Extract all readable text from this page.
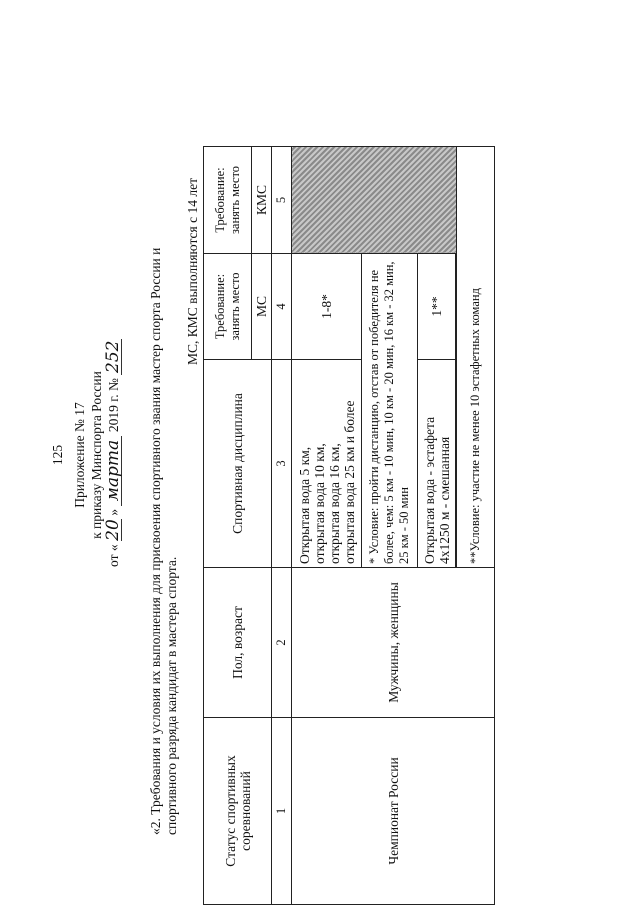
125 Приложение № 17 к приказу Минспорта России
от « 20 » марта 2019 г. № 252 «2. Требования и условия их выполнения для присвоения спортивного звания мастер спорта России и спортивного разряда кандидат в мастера спорта.
МС, КМС выполняются с 14 лет
Статус спортивных соревнований	Пол, возраст	Спортивная дисциплина	Требование: занять место	Требование: занять место
			МС	КМС
1	2	3	4	5
Чемпионат России	Мужчины, женщины	Открытая вода 5 км, открытая вода 10 км, открытая вода 16 км, открытая вода 25 км и более	1-8*	
		* Условие: пройти дистанцию, отстав от победителя не более, чем: 5 км - 10 мин, 10 км - 20 мин, 16 км - 32 мин, 25 км - 50 мин		

		Открытая вода - эстафета 4х1250 м - смешанная	1**	

		**Условие: участие не менее 10 эстафетных команд		
